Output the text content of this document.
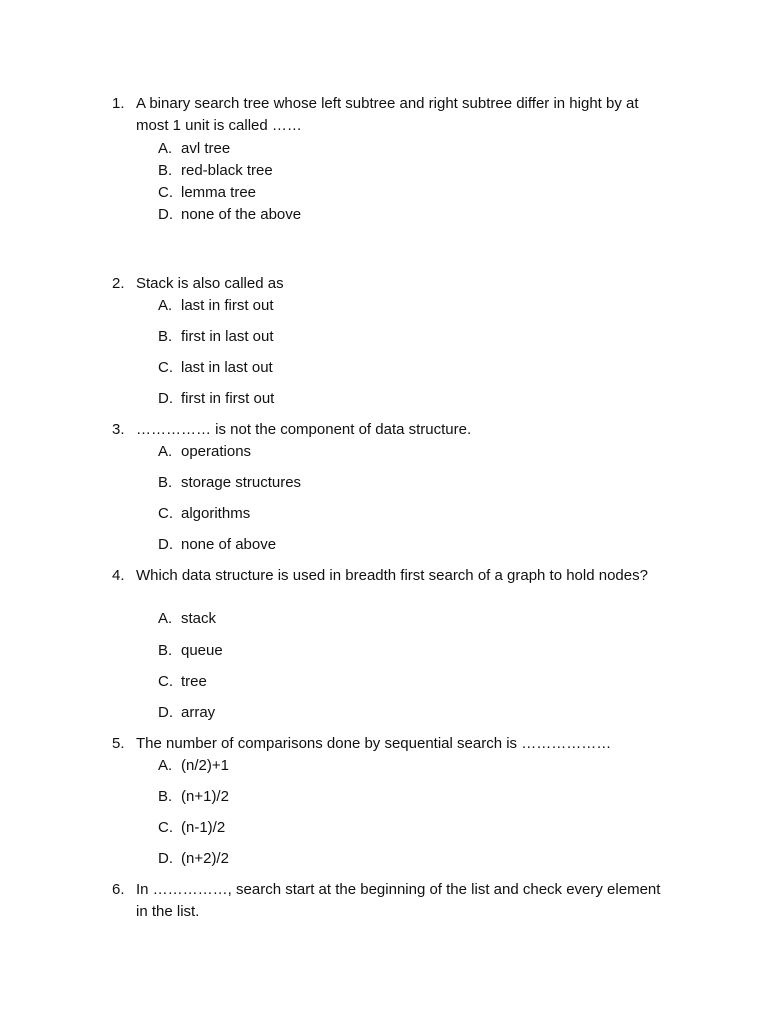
1. A binary search tree whose left subtree and right subtree differ in hight by at most 1 unit is called ……
A. avl tree
B. red-black tree
C. lemma tree
D. none of the above
2. Stack is also called as
A. last in first out
B. first in last out
C. last in last out
D. first in first out
3. …………… is not the component of data structure.
A. operations
B. storage structures
C. algorithms
D. none of above
4. Which data structure is used in breadth first search of a graph to hold nodes?
A. stack
B. queue
C. tree
D. array
5. The number of comparisons done by sequential search is ………………
A. (n/2)+1
B. (n+1)/2
C. (n-1)/2
D. (n+2)/2
6. In ……………, search start at the beginning of the list and check every element in the list.
